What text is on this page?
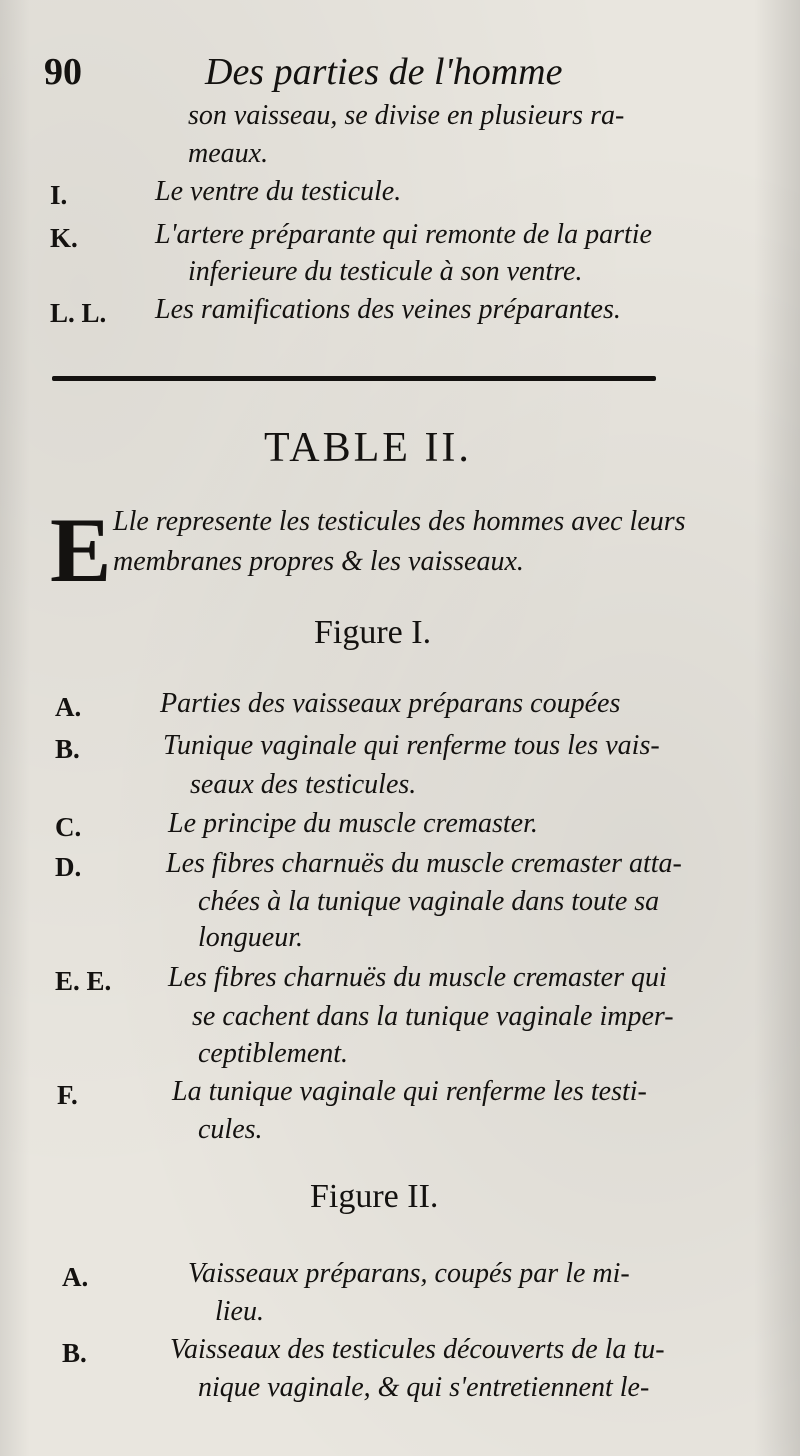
90	Des parties de l'homme
son vaisseau, se divise en plusieurs ra-
meaux.
I.	Le ventre du testicule.
K.	L'artere préparante qui remonte de la partie
inferieure du testicule à son ventre.
L. L. Les ramifications des veines préparantes.
TABLE II.
E Lle represente les testicules des hommes avec leurs
membranes propres & les vaisseaux.
Figure I.
A.	Parties des vaisseaux préparans coupées
B.	Tunique vaginale qui renferme tous les vais-
seaux des testicules.
C.	Le principe du muscle cremaster.
D.	Les fibres charnuës du muscle cremaster atta-
chées à la tunique vaginale dans toute sa
longueur.
E. E. Les fibres charnuës du muscle cremaster qui
se cachent dans la tunique vaginale imper-
ceptiblement.
F.	La tunique vaginale qui renferme les testi-
cules.
Figure II.
A.	Vaisseaux préparans, coupés par le mi-
lieu.
B.	Vaisseaux des testicules découverts de la tu-
nique vaginale, & qui s'entretiennent le-
